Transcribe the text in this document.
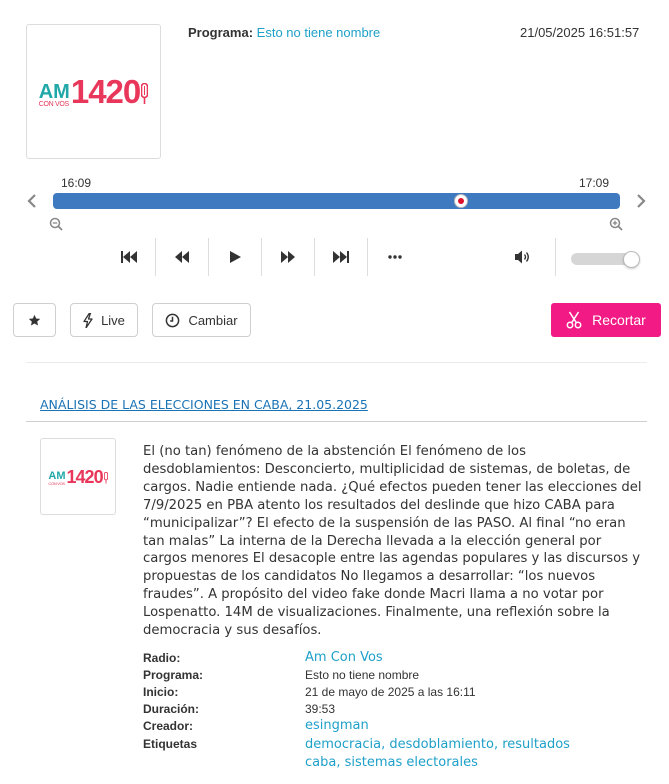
AM
CON VOS 1420
Programa: Esto no tiene nombre	21/05/2025 16:51:57
16:09	17:09
Live	Cambiar	Recortar
ANÁLISIS DE LAS ELECCIONES EN CABA, 21.05.2025
AM
CON VOS 1420
El (no tan) fenómeno de la abstención El fenómeno de los desdoblamientos: Desconcierto, multiplicidad de sistemas, de boletas, de cargos. Nadie entiende nada. ¿Qué efectos pueden tener las elecciones del 7/9/2025 en PBA atento los resultados del deslinde que hizo CABA para “municipalizar”? El efecto de la suspensión de las PASO. Al final “no eran tan malas” La interna de la Derecha llevada a la elección general por cargos menores El desacople entre las agendas populares y las discursos y propuestas de los candidatos No llegamos a desarrollar: “los nuevos fraudes”. A propósito del video fake donde Macri llama a no votar por Lospenatto. 14M de visualizaciones. Finalmente, una reflexión sobre la democracia y sus desafíos.
Radio:	Am Con Vos
Programa:	Esto no tiene nombre
Inicio:	21 de mayo de 2025 a las 16:11
Duración:	39:53
Creador:	esingman
Etiquetas	democracia, desdoblamiento, resultados
caba, sistemas electorales
